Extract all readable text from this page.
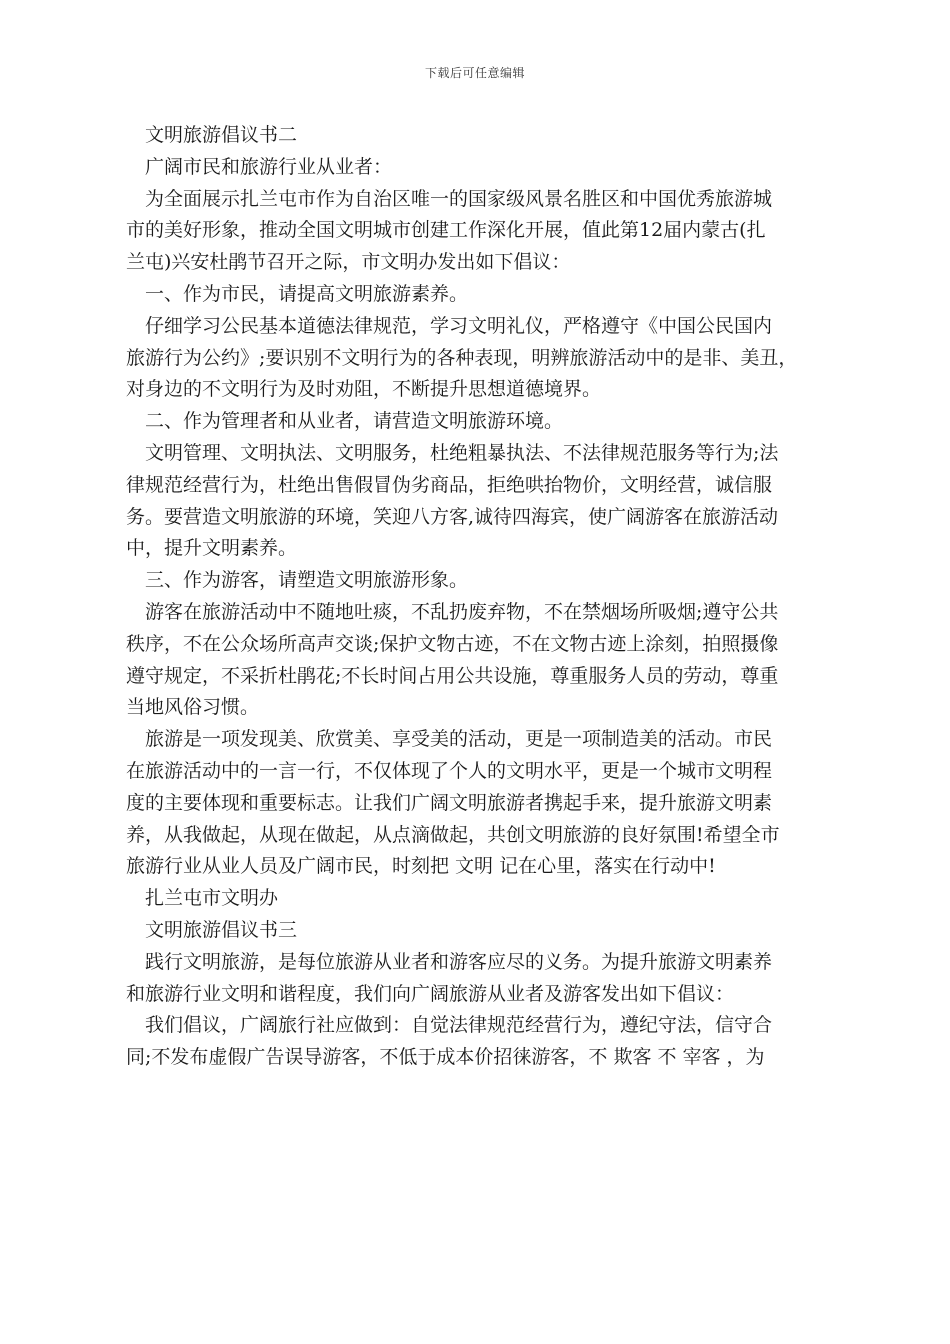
下载后可任意编辑
文明旅游倡议书二
广阔市民和旅游行业从业者：
为全面展示扎兰屯市作为自治区唯一的国家级风景名胜区和中国优秀旅游城
市的美好形象，推动全国文明城市创建工作深化开展，值此第12届内蒙古(扎
兰屯)兴安杜鹃节召开之际，市文明办发出如下倡议：
一、作为市民，请提高文明旅游素养。
仔细学习公民基本道德法律规范，学习文明礼仪，严格遵守《中国公民国内
旅游行为公约》;要识别不文明行为的各种表现，明辨旅游活动中的是非、美丑，
对身边的不文明行为及时劝阻，不断提升思想道德境界。
二、作为管理者和从业者，请营造文明旅游环境。
文明管理、文明执法、文明服务，杜绝粗暴执法、不法律规范服务等行为;法
律规范经营行为，杜绝出售假冒伪劣商品，拒绝哄抬物价，文明经营，诚信服
务。要营造文明旅游的环境，笑迎八方客,诚待四海宾，使广阔游客在旅游活动
中，提升文明素养。
三、作为游客，请塑造文明旅游形象。
游客在旅游活动中不随地吐痰，不乱扔废弃物，不在禁烟场所吸烟;遵守公共
秩序，不在公众场所高声交谈;保护文物古迹，不在文物古迹上涂刻，拍照摄像
遵守规定，不采折杜鹃花;不长时间占用公共设施，尊重服务人员的劳动，尊重
当地风俗习惯。
旅游是一项发现美、欣赏美、享受美的活动，更是一项制造美的活动。市民
在旅游活动中的一言一行，不仅体现了个人的文明水平，更是一个城市文明程
度的主要体现和重要标志。让我们广阔文明旅游者携起手来，提升旅游文明素
养，从我做起，从现在做起，从点滴做起，共创文明旅游的良好氛围!希望全市
旅游行业从业人员及广阔市民，时刻把 文明 记在心里，落实在行动中!
扎兰屯市文明办
文明旅游倡议书三
践行文明旅游，是每位旅游从业者和游客应尽的义务。为提升旅游文明素养
和旅游行业文明和谐程度，我们向广阔旅游从业者及游客发出如下倡议：
我们倡议，广阔旅行社应做到：自觉法律规范经营行为，遵纪守法，信守合
同;不发布虚假广告误导游客，不低于成本价招徕游客，不 欺客 不 宰客 ，为
